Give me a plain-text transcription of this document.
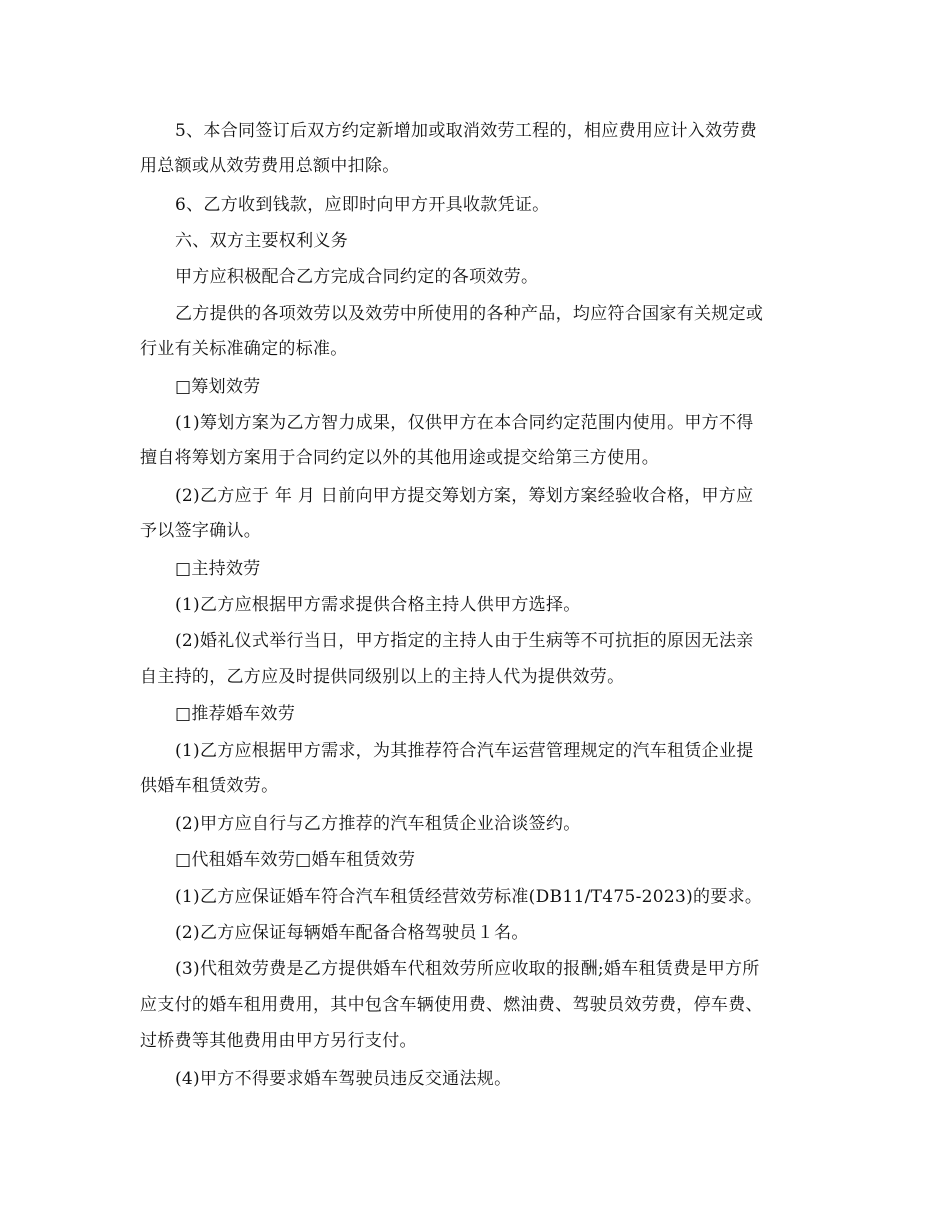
5、本合同签订后双方约定新增加或取消效劳工程的，相应费用应计入效劳费
用总额或从效劳费用总额中扣除。
6、乙方收到钱款，应即时向甲方开具收款凭证。
六、双方主要权利义务
甲方应积极配合乙方完成合同约定的各项效劳。
乙方提供的各项效劳以及效劳中所使用的各种产品，均应符合国家有关规定或
行业有关标准确定的标准。
□筹划效劳
(1)筹划方案为乙方智力成果，仅供甲方在本合同约定范围内使用。甲方不得
擅自将筹划方案用于合同约定以外的其他用途或提交给第三方使用。
(2)乙方应于 年 月 日前向甲方提交筹划方案，筹划方案经验收合格，甲方应
予以签字确认。
□主持效劳
(1)乙方应根据甲方需求提供合格主持人供甲方选择。
(2)婚礼仪式举行当日，甲方指定的主持人由于生病等不可抗拒的原因无法亲
自主持的，乙方应及时提供同级别以上的主持人代为提供效劳。
□推荐婚车效劳
(1)乙方应根据甲方需求，为其推荐符合汽车运营管理规定的汽车租赁企业提
供婚车租赁效劳。
(2)甲方应自行与乙方推荐的汽车租赁企业洽谈签约。
□代租婚车效劳□婚车租赁效劳
(1)乙方应保证婚车符合汽车租赁经营效劳标准(DB11/T475-2023)的要求。
(2)乙方应保证每辆婚车配备合格驾驶员１名。
(3)代租效劳费是乙方提供婚车代租效劳所应收取的报酬;婚车租赁费是甲方所
应支付的婚车租用费用，其中包含车辆使用费、燃油费、驾驶员效劳费，停车费、
过桥费等其他费用由甲方另行支付。
(4)甲方不得要求婚车驾驶员违反交通法规。
